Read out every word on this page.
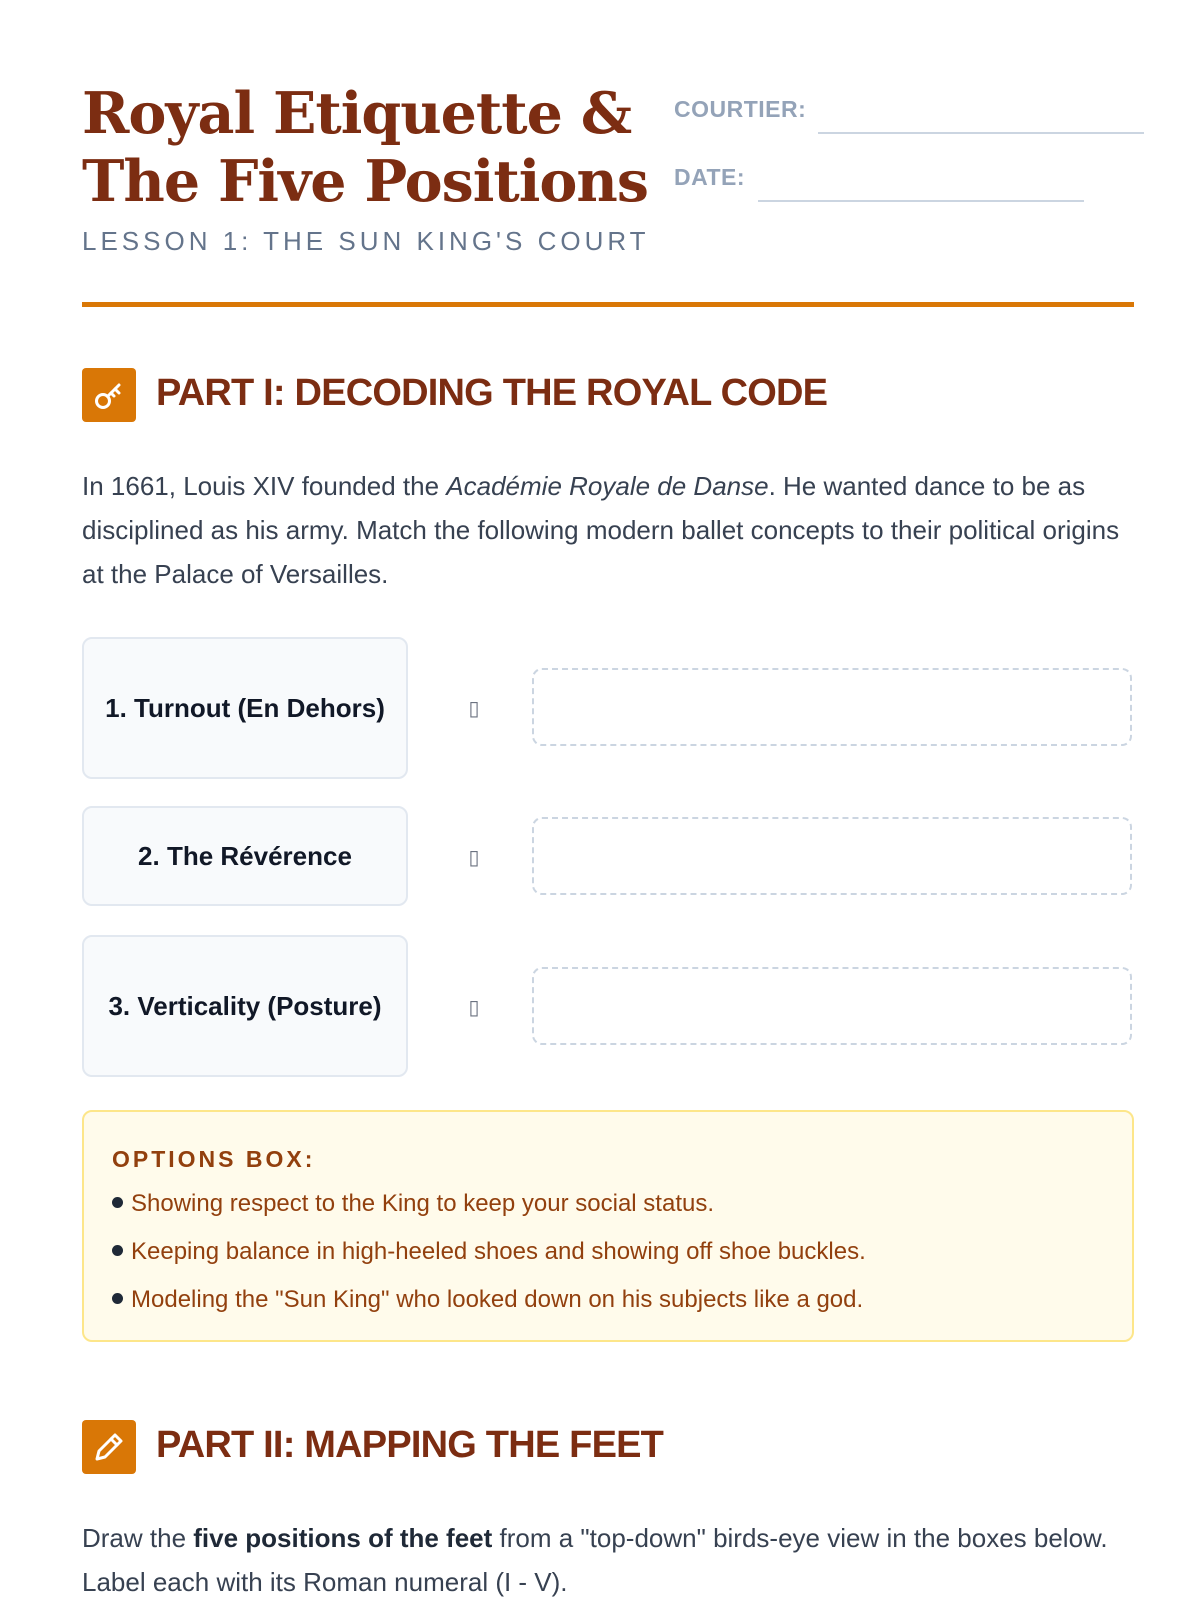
Royal Etiquette &
The Five Positions
LESSON 1: THE SUN KING'S COURT
COURTIER:
DATE:
PART I: DECODING THE ROYAL CODE

In 1661, Louis XIV founded the Académie Royale de Danse. He wanted dance to be as disciplined as his army. Match the following modern ballet concepts to their political origins at the Palace of Versailles.

1. Turnout (En Dehors)	▯
2. The Révérence	▯
3. Verticality (Posture)	▯
OPTIONS BOX:
Showing respect to the King to keep your social status.
Keeping balance in high-heeled shoes and showing off shoe buckles.
Modeling the "Sun King" who looked down on his subjects like a god.
PART II: MAPPING THE FEET

Draw the five positions of the feet from a "top-down" birds-eye view in the boxes below. Label each with its Roman numeral (I - V).
